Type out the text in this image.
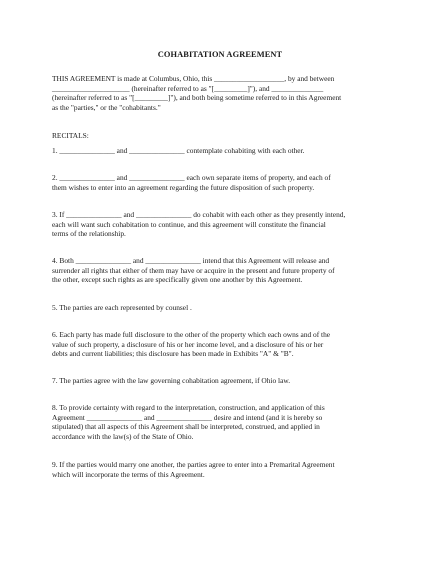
COHABITATION AGREEMENT

THIS AGREEMENT is made at Columbus, Ohio, this ___________________, by and between

_____________________ (hereinafter referred to as "[_________]"), and ______________

(hereinafter referred to as "[_________]"), and both being sometime referred to in this Agreement

as the "parties," or the "cohabitants."

RECITALS:

1. _______________ and _______________ contemplate cohabiting with each other.

2. _______________ and _______________ each own separate items of property, and each of

them wishes to enter into an agreement regarding the future disposition of such property.

3. If _______________ and _______________ do cohabit with each other as they presently intend,

each will want such cohabitation to continue, and this agreement will constitute the financial

terms of the relationship.

4. Both _______________ and _______________ intend that this Agreement will release and

surrender all rights that either of them may have or acquire in the present and future property of

the other, except such rights as are specifically given one another by this Agreement.

5. The parties are each represented by counsel .

6. Each party has made full disclosure to the other of the property which each owns and of the

value of such property, a disclosure of his or her income level, and a disclosure of his or her

debts and current liabilities; this disclosure has been made in Exhibits "A" & "B".

7. The parties agree with the law governing cohabitation agreement, if Ohio law.

8. To provide certainty with regard to the interpretation, construction, and application of this

Agreement _______________ and _______________ desire and intend (and it is hereby so

stipulated) that all aspects of this Agreement shall be interpreted, construed, and applied in

accordance with the law(s) of the State of Ohio.

9. If the parties would marry one another, the parties agree to enter into a Premarital Agreement

which will incorporate the terms of this Agreement.
